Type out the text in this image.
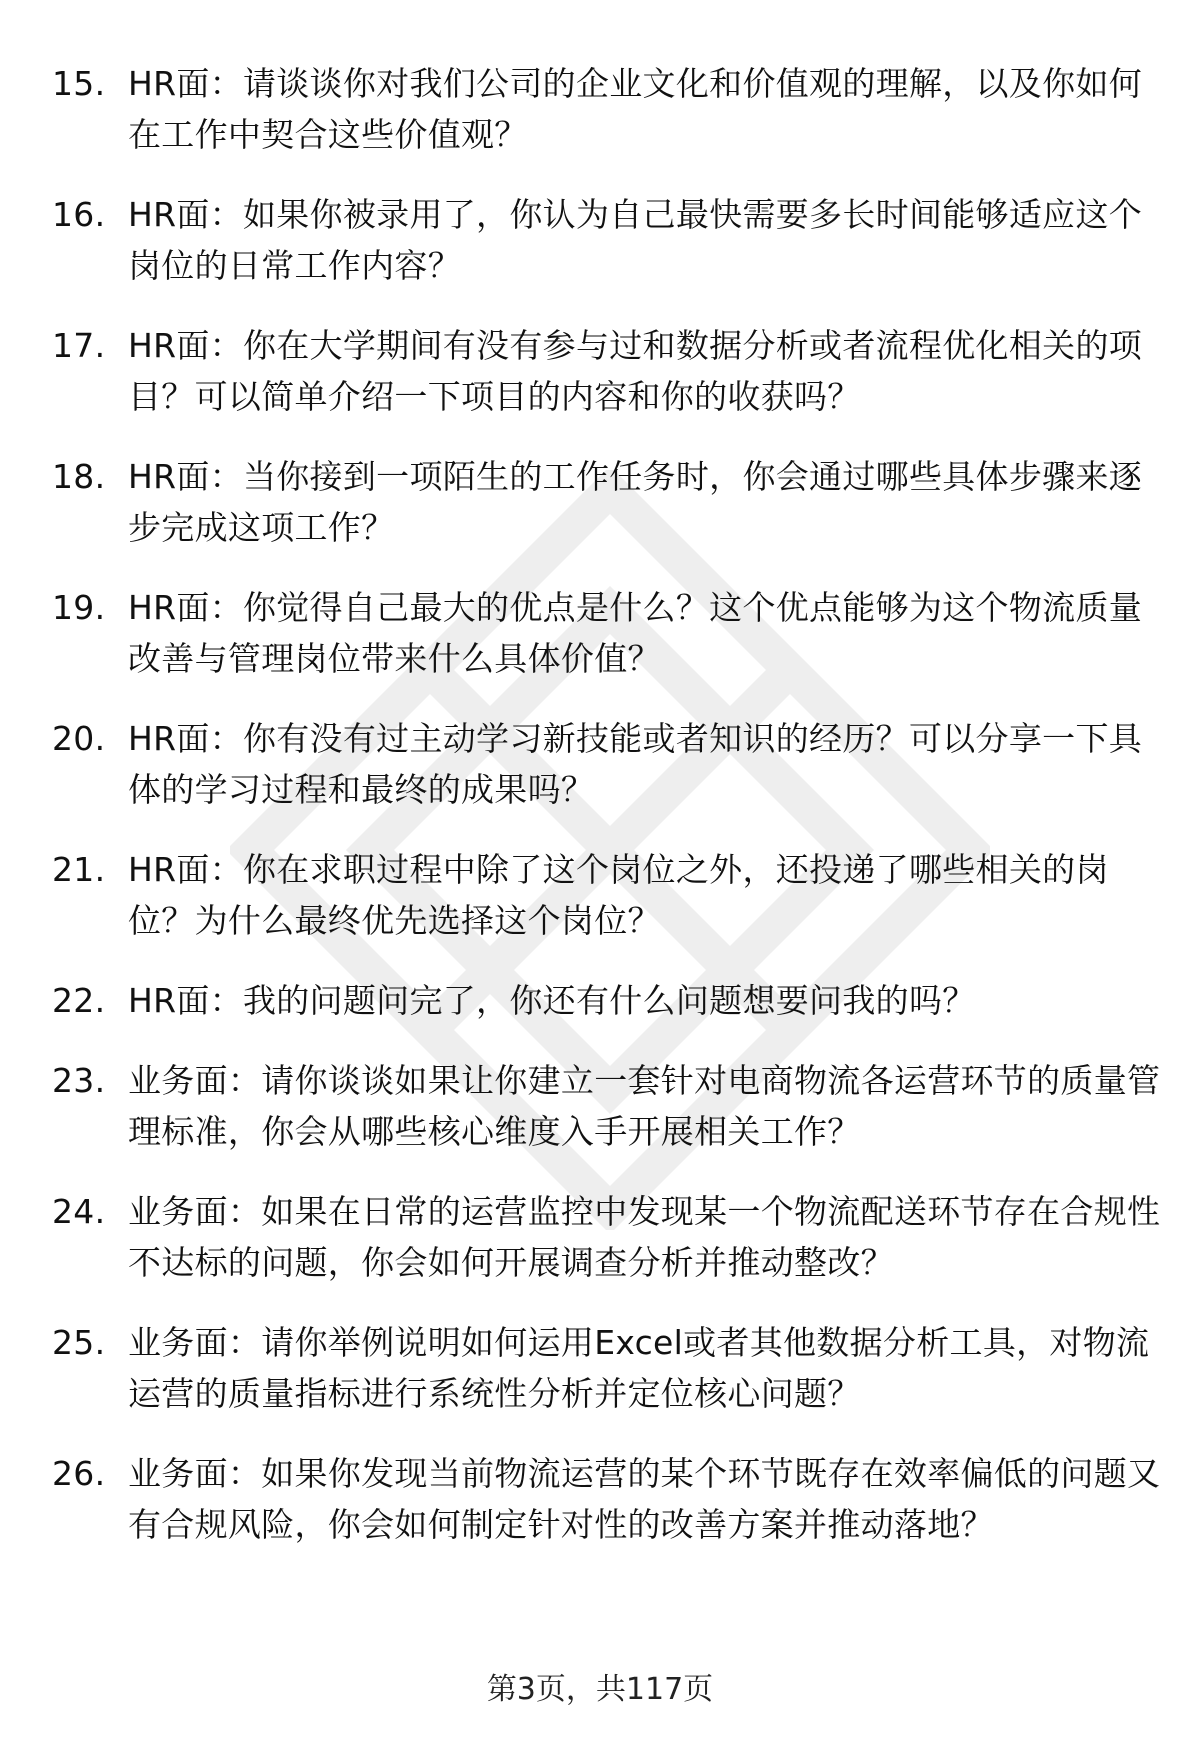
15. HR面：请谈谈你对我们公司的企业文化和价值观的理解，以及你如何在工作中契合这些价值观？
16. HR面：如果你被录用了，你认为自己最快需要多长时间能够适应这个岗位的日常工作内容？
17. HR面：你在大学期间有没有参与过和数据分析或者流程优化相关的项目？可以简单介绍一下项目的内容和你的收获吗？
18. HR面：当你接到一项陌生的工作任务时，你会通过哪些具体步骤来逐步完成这项工作？
19. HR面：你觉得自己最大的优点是什么？这个优点能够为这个物流质量改善与管理岗位带来什么具体价值？
20. HR面：你有没有过主动学习新技能或者知识的经历？可以分享一下具体的学习过程和最终的成果吗？
21. HR面：你在求职过程中除了这个岗位之外，还投递了哪些相关的岗位？为什么最终优先选择这个岗位？
22. HR面：我的问题问完了，你还有什么问题想要问我的吗？
23. 业务面：请你谈谈如果让你建立一套针对电商物流各运营环节的质量管理标准，你会从哪些核心维度入手开展相关工作？
24. 业务面：如果在日常的运营监控中发现某一个物流配送环节存在合规性不达标的问题，你会如何开展调查分析并推动整改？
25. 业务面：请你举例说明如何运用Excel或者其他数据分析工具，对物流运营的质量指标进行系统性分析并定位核心问题？
26. 业务面：如果你发现当前物流运营的某个环节既存在效率偏低的问题又有合规风险，你会如何制定针对性的改善方案并推动落地？
第3页，共117页
